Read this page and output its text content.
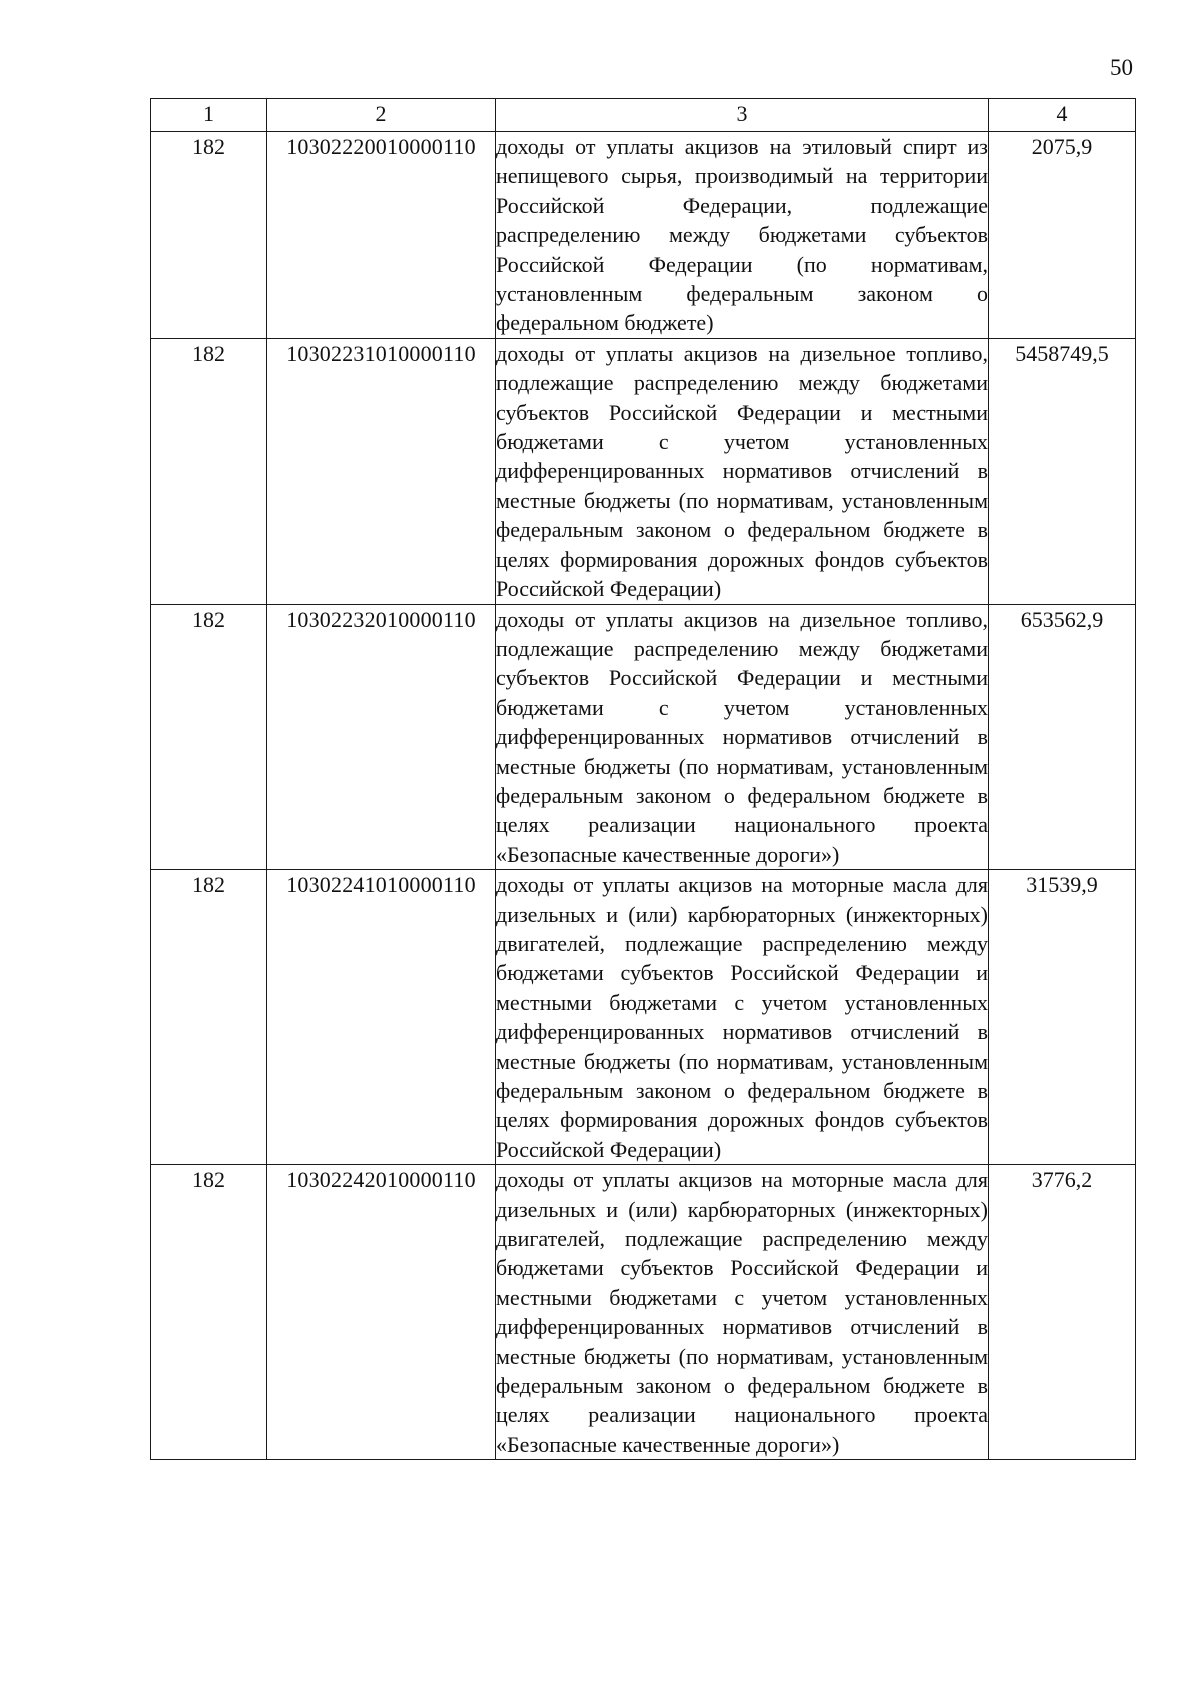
50
1	2	3	4
182	10302220010000110	доходы от уплаты акцизов на этиловый спирт из непищевого сырья, производимый на территории Российской Федерации, подлежащие распределению между бюджетами субъектов Российской Федерации (по нормативам, установленным федеральным законом о федеральном бюджете)	2075,9
182	10302231010000110	доходы от уплаты акцизов на дизельное топливо, подлежащие распределению между бюджетами субъектов Российской Федерации и местными бюджетами с учетом установленных дифференцированных нормативов отчислений в местные бюджеты (по нормативам, установленным федеральным законом о федеральном бюджете в целях формирования дорожных фондов субъектов Российской Федерации)	5458749,5
182	10302232010000110	доходы от уплаты акцизов на дизельное топливо, подлежащие распределению между бюджетами субъектов Российской Федерации и местными бюджетами с учетом установленных дифференцированных нормативов отчислений в местные бюджеты (по нормативам, установленным федеральным законом о федеральном бюджете в целях реализации национального проекта «Безопасные качественные дороги»)	653562,9
182	10302241010000110	доходы от уплаты акцизов на моторные масла для дизельных и (или) карбюраторных (инжекторных) двигателей, подлежащие распределению между бюджетами субъектов Российской Федерации и местными бюджетами с учетом установленных дифференцированных нормативов отчислений в местные бюджеты (по нормативам, установленным федеральным законом о федеральном бюджете в целях формирования дорожных фондов субъектов Российской Федерации)	31539,9
182	10302242010000110	доходы от уплаты акцизов на моторные масла для дизельных и (или) карбюраторных (инжекторных) двигателей, подлежащие распределению между бюджетами субъектов Российской Федерации и местными бюджетами с учетом установленных дифференцированных нормативов отчислений в местные бюджеты (по нормативам, установленным федеральным законом о федеральном бюджете в целях реализации национального проекта «Безопасные качественные дороги»)	3776,2
